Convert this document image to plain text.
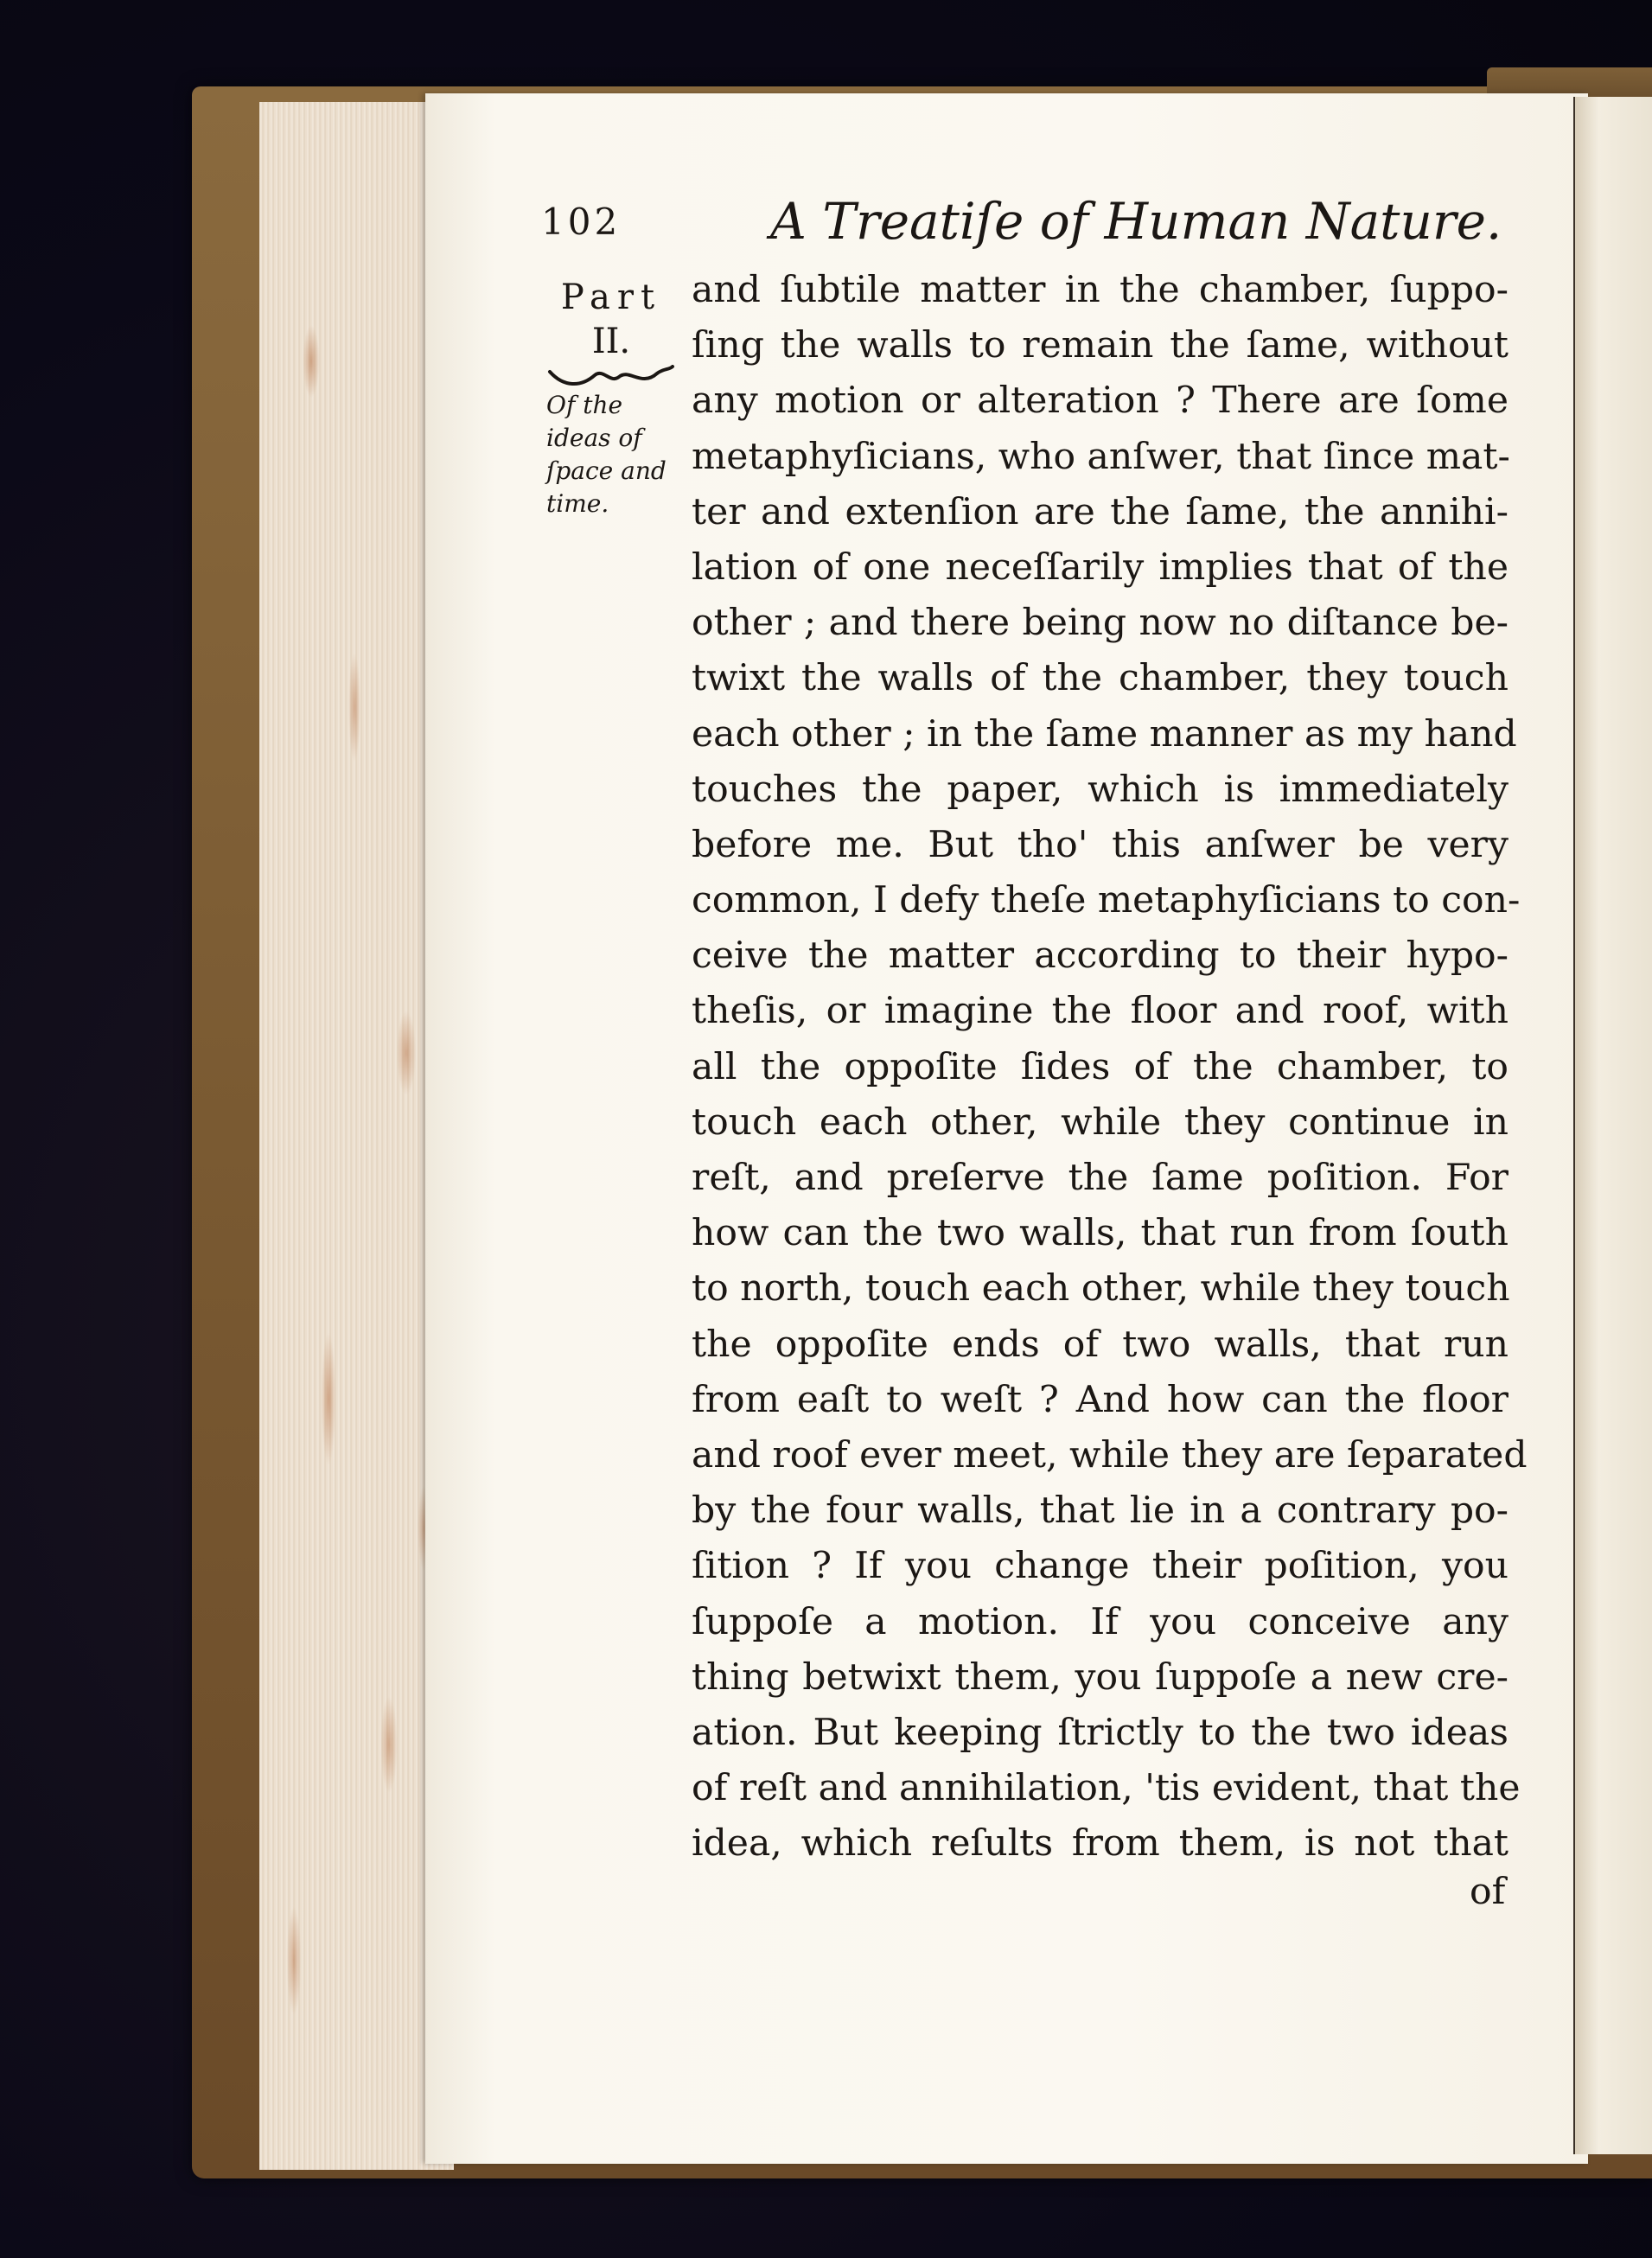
102	A Treatiſe of Human Nature.
Part
II.
Of the
ideas of
ſpace and
time.
and ſubtile matter in the chamber, ſuppo-
ſing the walls to remain the ſame, without
any motion or alteration ? There are ſome
metaphyſicians, who anſwer, that ſince mat-
ter and extenſion are the ſame, the annihi-
lation of one neceſſarily implies that of the
other ; and there being now no diſtance be-
twixt the walls of the chamber, they touch
each other ; in the ſame manner as my hand
touches the paper, which is immediately
before me. But tho' this anſwer be very
common, I defy theſe metaphyſicians to con-
ceive the matter according to their hypo-
theſis, or imagine the floor and roof, with
all the oppoſite ſides of the chamber, to
touch each other, while they continue in
reſt, and preſerve the ſame poſition. For
how can the two walls, that run from ſouth
to north, touch each other, while they touch
the oppoſite ends of two walls, that run
from eaſt to weſt ? And how can the floor
and roof ever meet, while they are ſeparated
by the four walls, that lie in a contrary po-
ſition ? If you change their poſition, you
ſuppoſe a motion. If you conceive any
thing betwixt them, you ſuppoſe a new cre-
ation. But keeping ſtrictly to the two ideas
of reſt and annihilation, 'tis evident, that the
idea, which reſults from them, is not that
of
